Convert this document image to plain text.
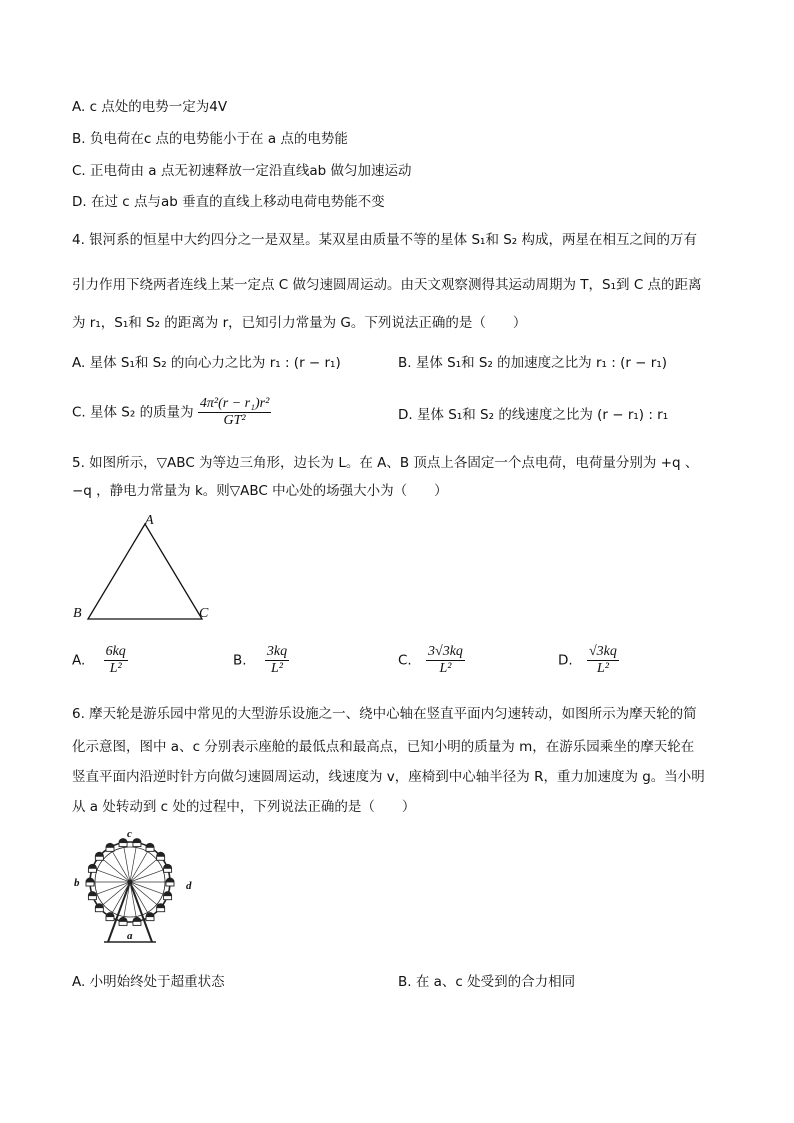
A. c 点处的电势一定为4V
B. 负电荷在c 点的电势能小于在 a 点的电势能
C. 正电荷由 a 点无初速释放一定沿直线ab 做匀加速运动
D. 在过 c 点与ab 垂直的直线上移动电荷电势能不变
4. 银河系的恒星中大约四分之一是双星。某双星由质量不等的星体 S₁和 S₂ 构成，两星在相互之间的万有
引力作用下绕两者连线上某一定点 C 做匀速圆周运动。由天文观察测得其运动周期为 T，S₁到 C 点的距离
为 r₁，S₁和 S₂ 的距离为 r，已知引力常量为 G。下列说法正确的是（　　）
A. 星体 S₁和 S₂ 的向心力之比为 r₁ : (r − r₁)	B. 星体 S₁和 S₂ 的加速度之比为 r₁ : (r − r₁)
C. 星体 S₂ 的质量为 $\frac{\text{4π²(r − r₁)r²}}{\text{GT²}}$	D. 星体 S₁和 S₂ 的线速度之比为 (r − r₁) : r₁
5. 如图所示，▽ABC 为等边三角形，边长为 L。在 A、B 顶点上各固定一个点电荷，电荷量分别为 +q 、
−q ，静电力常量为 k。则▽ABC 中心处的场强大小为（　　）
A
B	C
A. $\frac{6kq}{\text{L²}}$	B. $\frac{3kq}{\text{L²}}$	C. $\frac{3√3kq}{\text{L²}}$	D. $\frac{√3kq}{\text{L²}}$
6. 摩天轮是游乐园中常见的大型游乐设施之一、绕中心轴在竖直平面内匀速转动，如图所示为摩天轮的简
化示意图，图中 a、c 分别表示座舱的最低点和最高点，已知小明的质量为 m，在游乐园乘坐的摩天轮在
竖直平面内沿逆时针方向做匀速圆周运动，线速度为 v，座椅到中心轴半径为 R，重力加速度为 g。当小明
从 a 处转动到 c 处的过程中，下列说法正确的是（　　）
c
b	d
a
A. 小明始终处于超重状态	B. 在 a、c 处受到的合力相同
